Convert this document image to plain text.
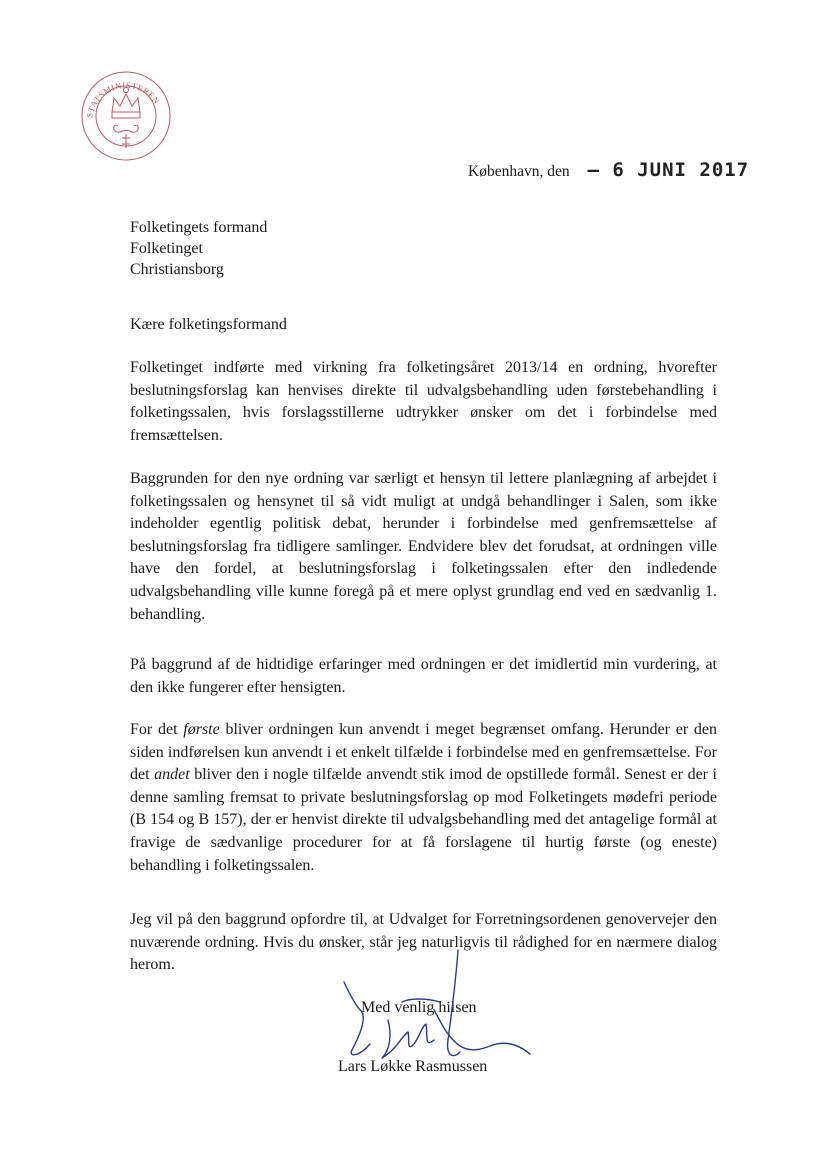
STATSMINISTEREN
København, den – 6 JUNI 2017
Folketingets formand
Folketinget
Christiansborg
Kære folketingsformand

Folketinget indførte med virkning fra folketingsåret 2013/14 en ordning, hvorefter beslutningsforslag kan henvises direkte til udvalgsbehandling uden førstebehandling i folketingssalen, hvis forslagsstillerne udtrykker ønsker om det i forbindelse med fremsættelsen.

Baggrunden for den nye ordning var særligt et hensyn til lettere planlægning af arbejdet i folketingssalen og hensynet til så vidt muligt at undgå behandlinger i Salen, som ikke indeholder egentlig politisk debat, herunder i forbindelse med genfremsættelse af beslutningsforslag fra tidligere samlinger. Endvidere blev det forudsat, at ordningen ville have den fordel, at beslutningsforslag i folketingssalen efter den indledende udvalgsbehandling ville kunne foregå på et mere oplyst grundlag end ved en sædvanlig 1. behandling.

På baggrund af de hidtidige erfaringer med ordningen er det imidlertid min vurdering, at den ikke fungerer efter hensigten.

For det første bliver ordningen kun anvendt i meget begrænset omfang. Herunder er den siden indførelsen kun anvendt i et enkelt tilfælde i forbindelse med en genfremsættelse. For det andet bliver den i nogle tilfælde anvendt stik imod de opstillede formål. Senest er der i denne samling fremsat to private beslutningsforslag op mod Folketingets mødefri periode (B 154 og B 157), der er henvist direkte til udvalgsbehandling med det antagelige formål at fravige de sædvanlige procedurer for at få forslagene til hurtig første (og eneste) behandling i folketingssalen.

Jeg vil på den baggrund opfordre til, at Udvalget for Forretningsordenen genovervejer den nuværende ordning. Hvis du ønsker, står jeg naturligvis til rådighed for en nærmere dialog herom.

Med venlig hilsen
Lars Løkke Rasmussen
